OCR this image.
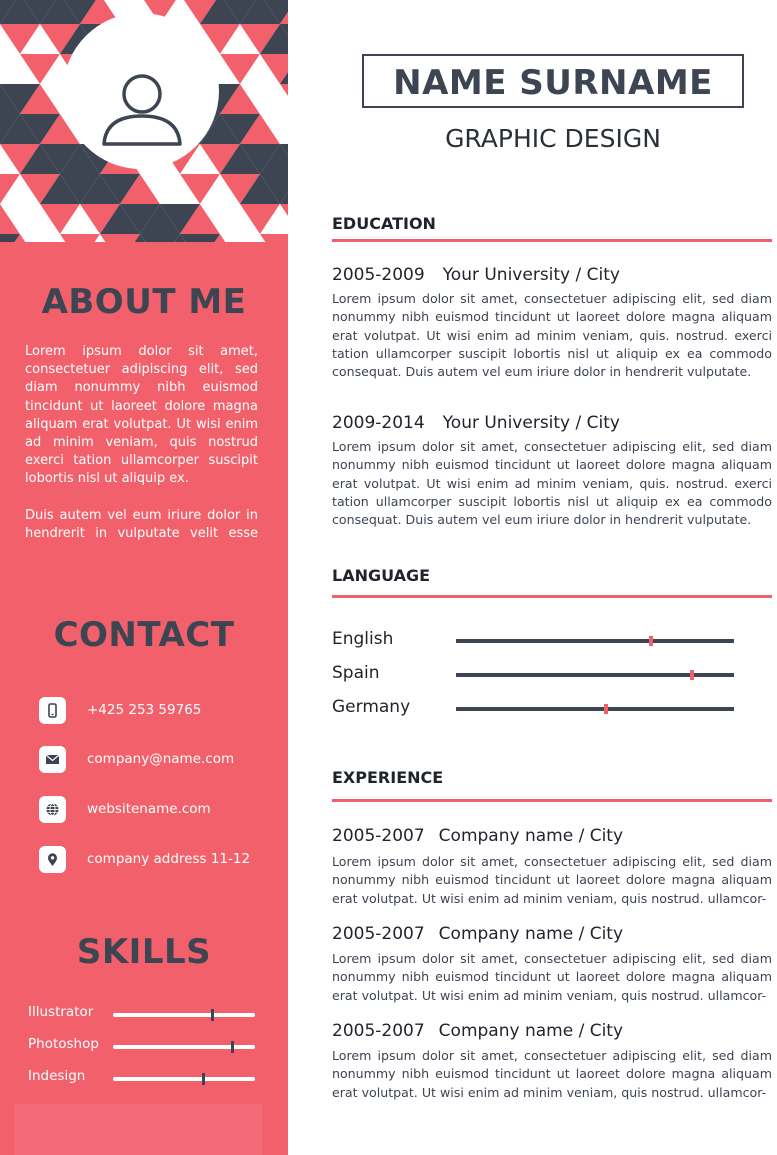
ABOUT ME
Lorem ipsum dolor sit amet, consectetuer adipiscing elit, sed diam nonummy nibh euismod tincidunt ut laoreet dolore magna aliquam erat volutpat. Ut wisi enim ad minim veniam, quis nostrud exerci tation ullamcorper suscipit lobortis nisl ut aliquip ex.
Duis autem vel eum iriure dolor in hendrerit in vulputate velit esse
CONTACT
+425 253 59765
company@name.com
websitename.com
company address 11-12
SKILLS
Illustrator
Photoshop
Indesign
NAME SURNAME
GRAPHIC DESIGN
EDUCATION
2005-2009 Your University / City
Lorem ipsum dolor sit amet, consectetuer adipiscing elit, sed diam nonummy nibh euismod tincidunt ut laoreet dolore magna aliquam erat volutpat. Ut wisi enim ad minim veniam, quis. nostrud. exerci tation ullamcorper suscipit lobortis nisl ut aliquip ex ea commodo consequat. Duis autem vel eum iriure dolor in hendrerit vulputate.
2009-2014 Your University / City
Lorem ipsum dolor sit amet, consectetuer adipiscing elit, sed diam nonummy nibh euismod tincidunt ut laoreet dolore magna aliquam erat volutpat. Ut wisi enim ad minim veniam, quis. nostrud. exerci tation ullamcorper suscipit lobortis nisl ut aliquip ex ea commodo consequat. Duis autem vel eum iriure dolor in hendrerit vulputate.
LANGUAGE
English
Spain
Germany
EXPERIENCE
2005-2007 Company name / City
Lorem ipsum dolor sit amet, consectetuer adipiscing elit, sed diam nonummy nibh euismod tincidunt ut laoreet dolore magna aliquam erat volutpat. Ut wisi enim ad minim veniam, quis nostrud. ullamcor-
2005-2007 Company name / City
Lorem ipsum dolor sit amet, consectetuer adipiscing elit, sed diam nonummy nibh euismod tincidunt ut laoreet dolore magna aliquam erat volutpat. Ut wisi enim ad minim veniam, quis nostrud. ullamcor-
2005-2007 Company name / City
Lorem ipsum dolor sit amet, consectetuer adipiscing elit, sed diam nonummy nibh euismod tincidunt ut laoreet dolore magna aliquam erat volutpat. Ut wisi enim ad minim veniam, quis nostrud. ullamcor-
